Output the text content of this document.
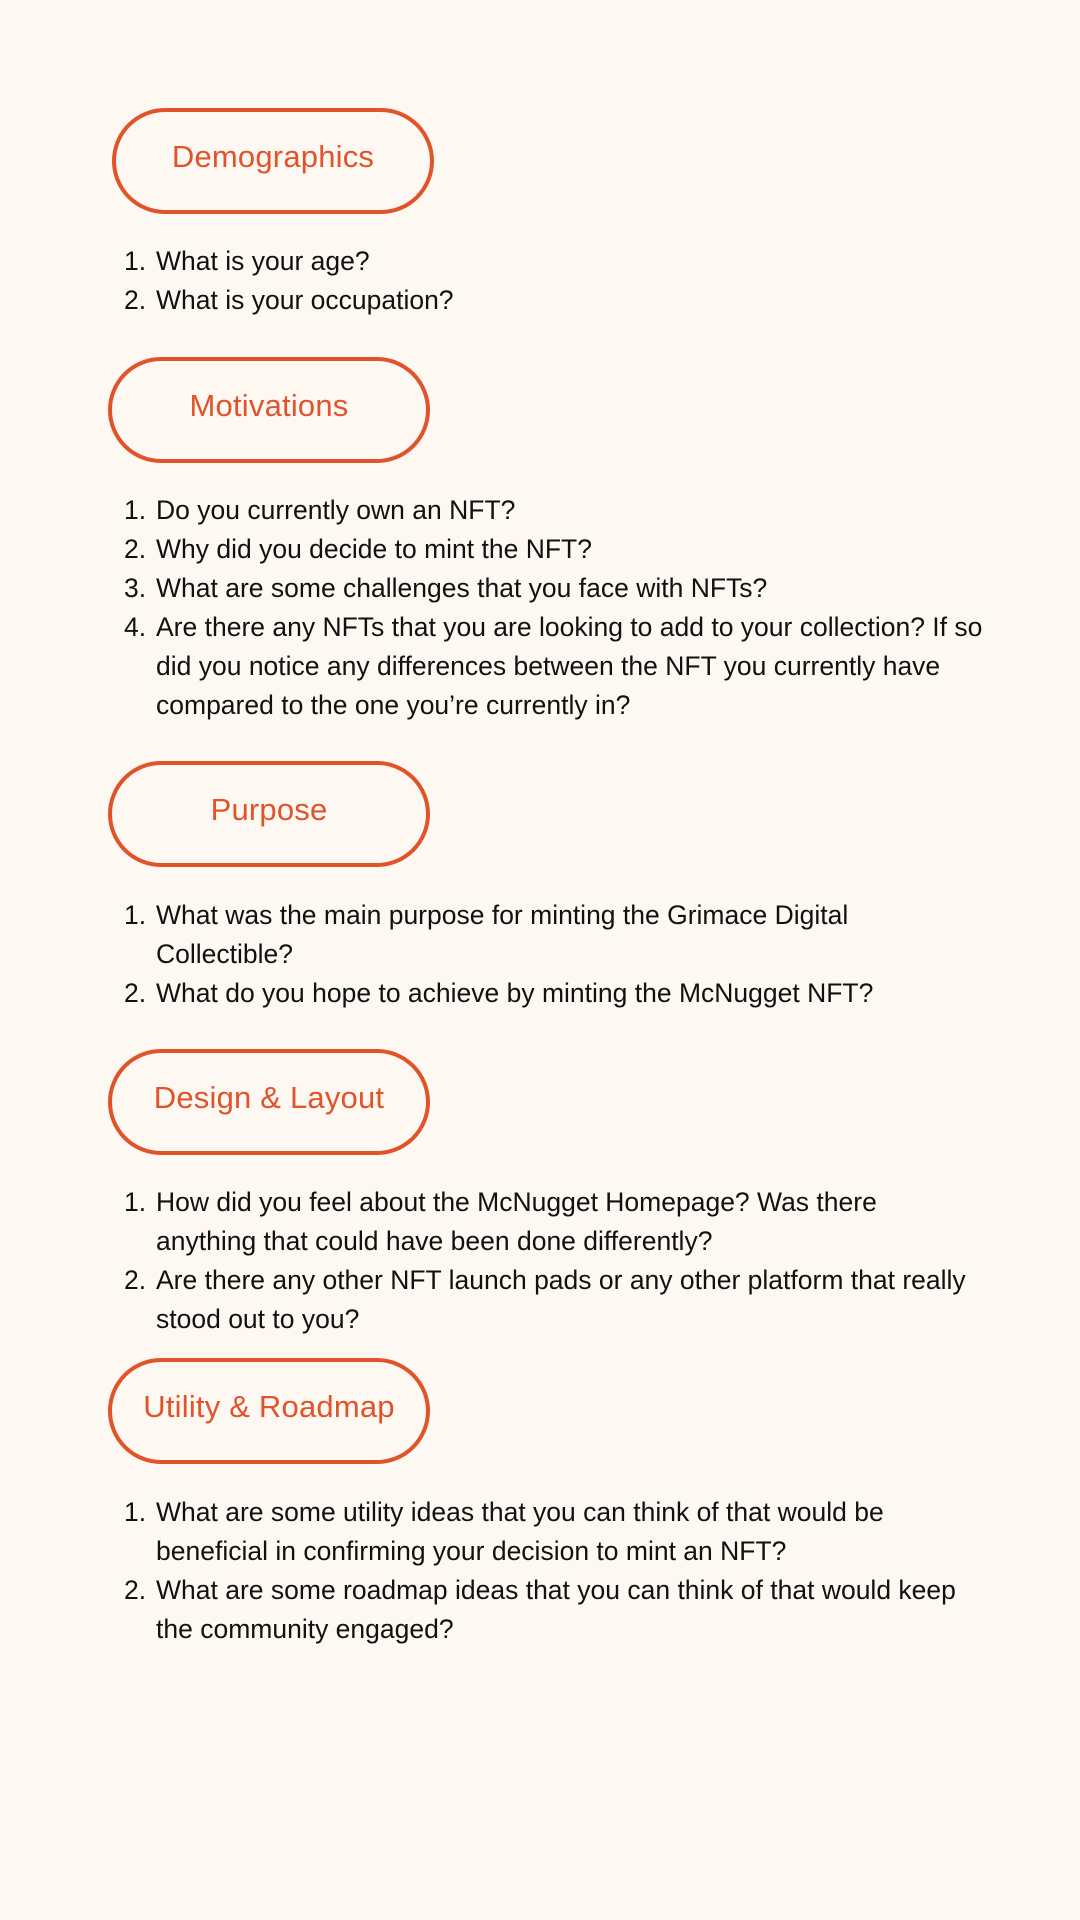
Demographics
1. What is your age?
2. What is your occupation?
Motivations
1. Do you currently own an NFT?
2. Why did you decide to mint the NFT?
3. What are some challenges that you face with NFTs?
4. Are there any NFTs that you are looking to add to your collection? If so did you notice any differences between the NFT you currently have compared to the one you’re currently in?
Purpose
1. What was the main purpose for minting the Grimace Digital Collectible?
2. What do you hope to achieve by minting the McNugget NFT?
Design & Layout
1. How did you feel about the McNugget Homepage? Was there anything that could have been done differently?
2. Are there any other NFT launch pads or any other platform that really stood out to you?
Utility & Roadmap
1. What are some utility ideas that you can think of that would be beneficial in confirming your decision to mint an NFT?
2. What are some roadmap ideas that you can think of that would keep the community engaged?
